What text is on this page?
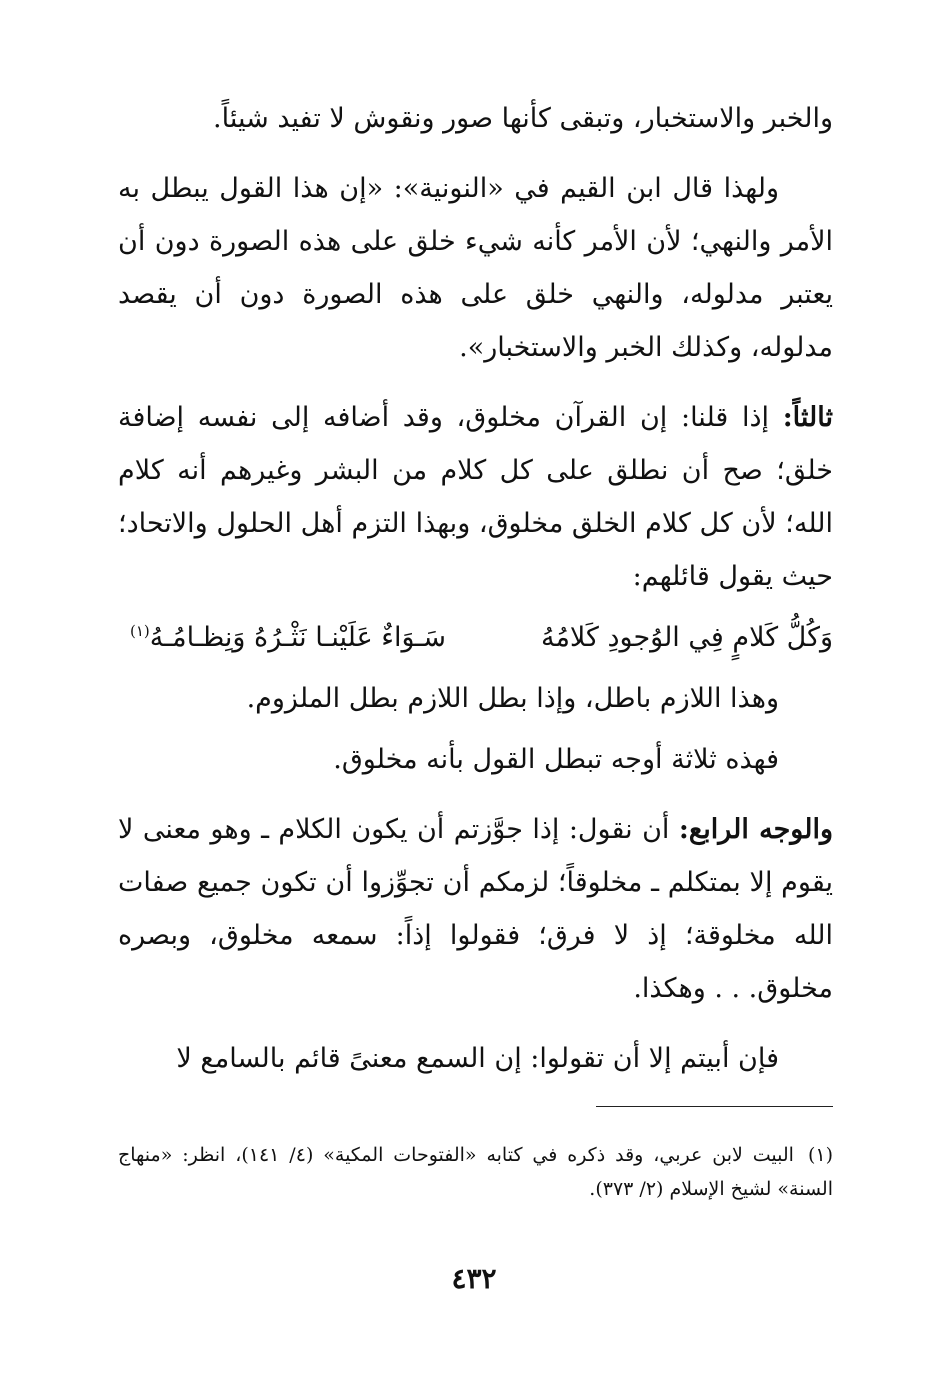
والخبر والاستخبار، وتبقى كأنها صور ونقوش لا تفيد شيئاً.

ولهذا قال ابن القيم في «النونية»: «إن هذا القول يبطل به الأمر والنهي؛ لأن الأمر كأنه شيء خلق على هذه الصورة دون أن يعتبر مدلوله، والنهي خلق على هذه الصورة دون أن يقصد مدلوله، وكذلك الخبر والاستخبار».

ثالثاً: إذا قلنا: إن القرآن مخلوق، وقد أضافه إلى نفسه إضافة خلق؛ صح أن نطلق على كل كلام من البشر وغيرهم أنه كلام الله؛ لأن كل كلام الخلق مخلوق، وبهذا التزم أهل الحلول والاتحاد؛ حيث يقول قائلهم:

وَكُلُّ كَلامٍ فِي الوُجودِ كَلامُهُ
سَـوَاءٌ عَلَيْنـا نَثْـرُهُ وَنِظـامُـهُ$^{(١)}$

وهذا اللازم باطل، وإذا بطل اللازم بطل الملزوم.

فهذه ثلاثة أوجه تبطل القول بأنه مخلوق.

والوجه الرابع: أن نقول: إذا جوَّزتم أن يكون الكلام ـ وهو معنى لا يقوم إلا بمتكلم ـ مخلوقاً؛ لزمكم أن تجوِّزوا أن تكون جميع صفات الله مخلوقة؛ إذ لا فرق؛ فقولوا إذاً: سمعه مخلوق، وبصره مخلوق. . . وهكذا.

فإن أبيتم إلا أن تقولوا: إن السمع معنىً قائم بالسامع لا

(١)البيت لابن عربي، وقد ذكره في كتابه «الفتوحات المكية» (٤/ ١٤١)، انظر: «منهاج السنة» لشيخ الإسلام (٢/ ٣٧٣).
٤٣٢
